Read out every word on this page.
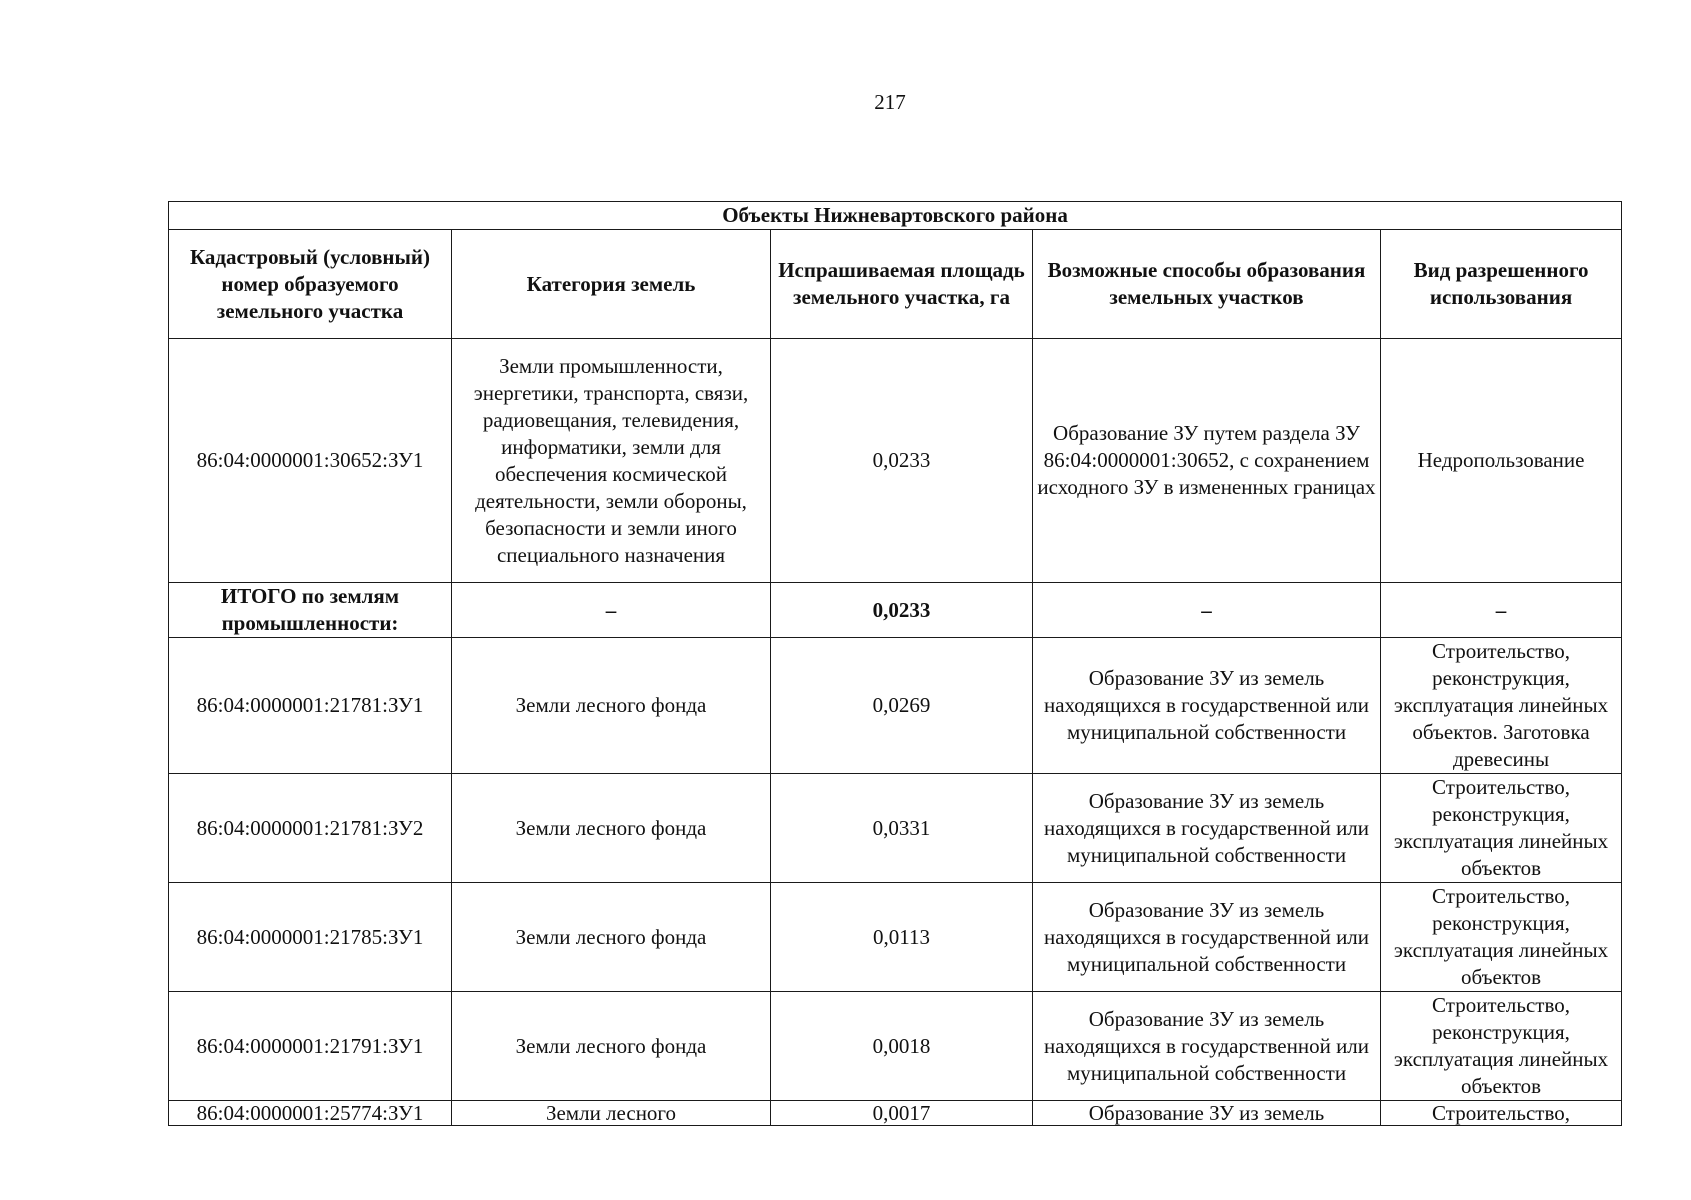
217
Объекты Нижневартовского района				
Кадастровый (условный) номер образуемого земельного участка	Категория земель	Испрашиваемая площадь земельного участка, га	Возможные способы образования земельных участков	Вид разрешенного использования
86:04:0000001:30652:ЗУ1	Земли промышленности, энергетики, транспорта, связи, радиовещания, телевидения, информатики, земли для обеспечения космической деятельности, земли обороны, безопасности и земли иного специального назначения	0,0233	Образование ЗУ путем раздела ЗУ 86:04:0000001:30652, с сохранением исходного ЗУ в измененных границах	Недропользование
ИТОГО по землям промышленности:	–	0,0233	–	–
86:04:0000001:21781:ЗУ1	Земли лесного фонда	0,0269	Образование ЗУ из земель находящихся в государственной или муниципальной собственности	Строительство, реконструкция, эксплуатация линейных объектов. Заготовка древесины
86:04:0000001:21781:ЗУ2	Земли лесного фонда	0,0331	Образование ЗУ из земель находящихся в государственной или муниципальной собственности	Строительство, реконструкция, эксплуатация линейных объектов
86:04:0000001:21785:ЗУ1	Земли лесного фонда	0,0113	Образование ЗУ из земель находящихся в государственной или муниципальной собственности	Строительство, реконструкция, эксплуатация линейных объектов
86:04:0000001:21791:ЗУ1	Земли лесного фонда	0,0018	Образование ЗУ из земель находящихся в государственной или муниципальной собственности	Строительство, реконструкция, эксплуатация линейных объектов
86:04:0000001:25774:ЗУ1	Земли лесного	0,0017	Образование ЗУ из земель	Строительство,
